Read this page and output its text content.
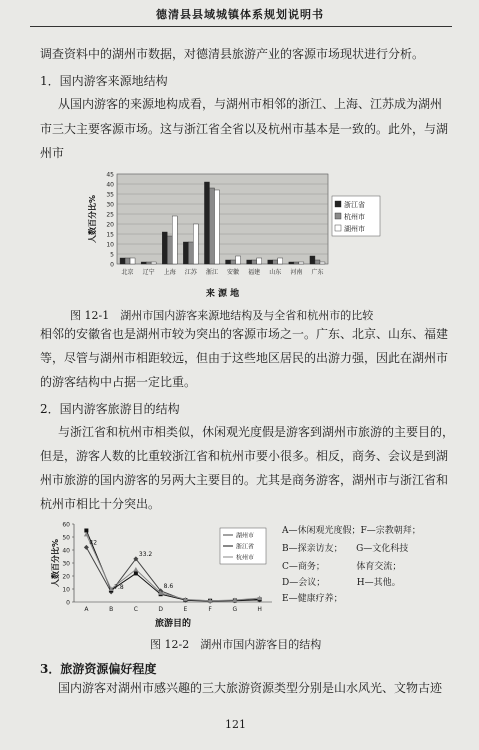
德清县县域城镇体系规划说明书

调查资料中的湖州市数据，对德清县旅游产业的客源市场现状进行分析。

1．国内游客来源地结构

从国内游客的来源地构成看，与湖州市相邻的浙江、上海、江苏成为湖州

市三大主要客源市场。这与浙江省全省以及杭州市基本是一致的。此外，与湖

州市

0
5
10
15
20
25
30
35
40
45
北京 辽宁 上海 江苏 浙江 安徽 福建 山东 河南 广东
人数百分比%
来 源 地
浙江省
杭州市
湖州市
图 12-1　湖州市国内游客来源地结构及与全省和杭州市的比较

相邻的安徽省也是湖州市较为突出的客源市场之一。广东、北京、山东、福建

等，尽管与湖州市相距较远，但由于这些地区居民的出游力强，因此在湖州市

的游客结构中占据一定比重。

2．国内游客旅游目的结构

与浙江省和杭州市相类似，休闲观光度假是游客到湖州市旅游的主要目的，

但是，游客人数的比重较浙江省和杭州市要小很多。相反，商务、会议是到湖

州市旅游的国内游客的另两大主要目的。尤其是商务游客，湖州市与浙江省和

杭州市相比十分突出。

0
10
20
30
40
50
60
A	B	C	D	E	F	G	H
42
7.8
33.2
8.6
人数百分比%
旅游目的
湖州市
浙江省
杭州市
A—休闲观光度假；F—宗教朝拜；
B—探亲访友；　　G—文化科技
C—商务；　　　　体育交流；
D—会议；　　　　H—其他。
E—健康疗养；
图 12-2　湖州市国内游客目的结构

3．旅游资源偏好程度

国内游客对湖州市感兴趣的三大旅游资源类型分别是山水风光、文物古迹

121
